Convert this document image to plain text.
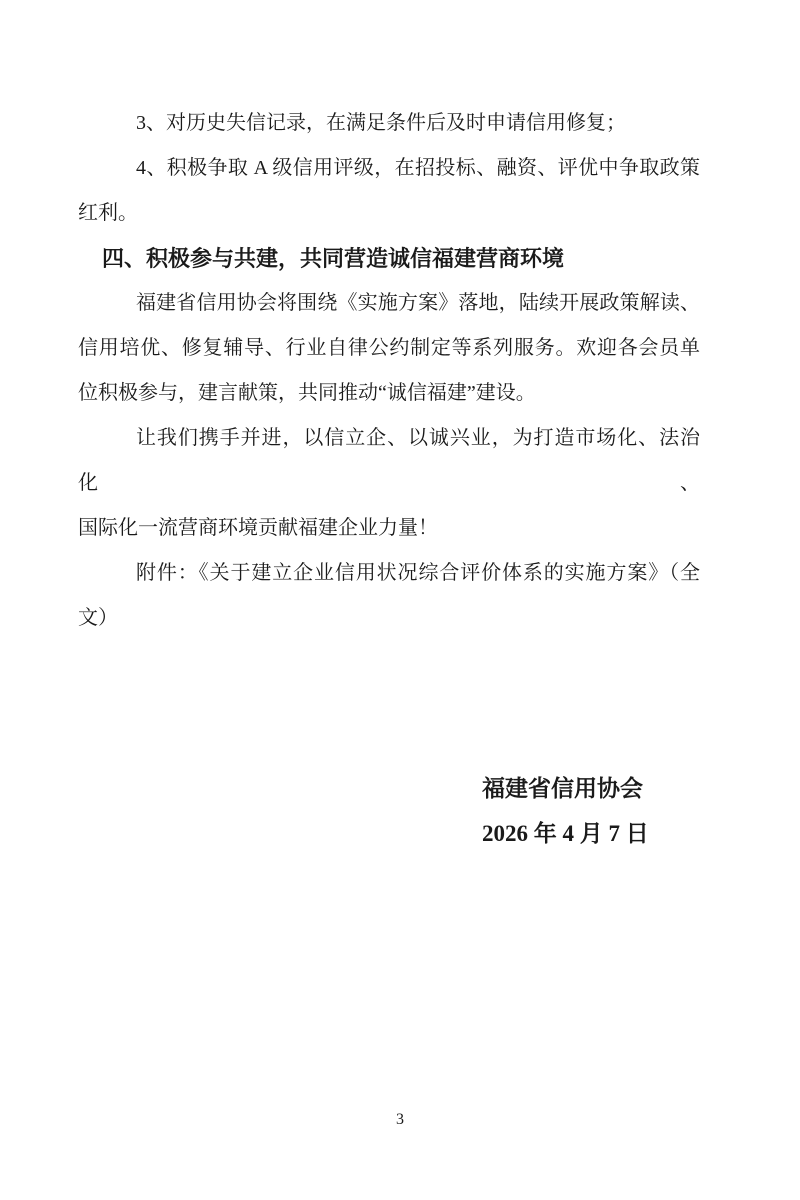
3、对历史失信记录，在满足条件后及时申请信用修复；
4、积极争取 A 级信用评级，在招投标、融资、评优中争取政策
红利。
四、积极参与共建，共同营造诚信福建营商环境
福建省信用协会将围绕《实施方案》落地，陆续开展政策解读、
信用培优、修复辅导、行业自律公约制定等系列服务。欢迎各会员单
位积极参与，建言献策，共同推动“诚信福建”建设。
让我们携手并进，以信立企、以诚兴业，为打造市场化、法治化、
国际化一流营商环境贡献福建企业力量！
附件：《关于建立企业信用状况综合评价体系的实施方案》（全
文）
福建省信用协会
2026 年 4 月 7 日
3
